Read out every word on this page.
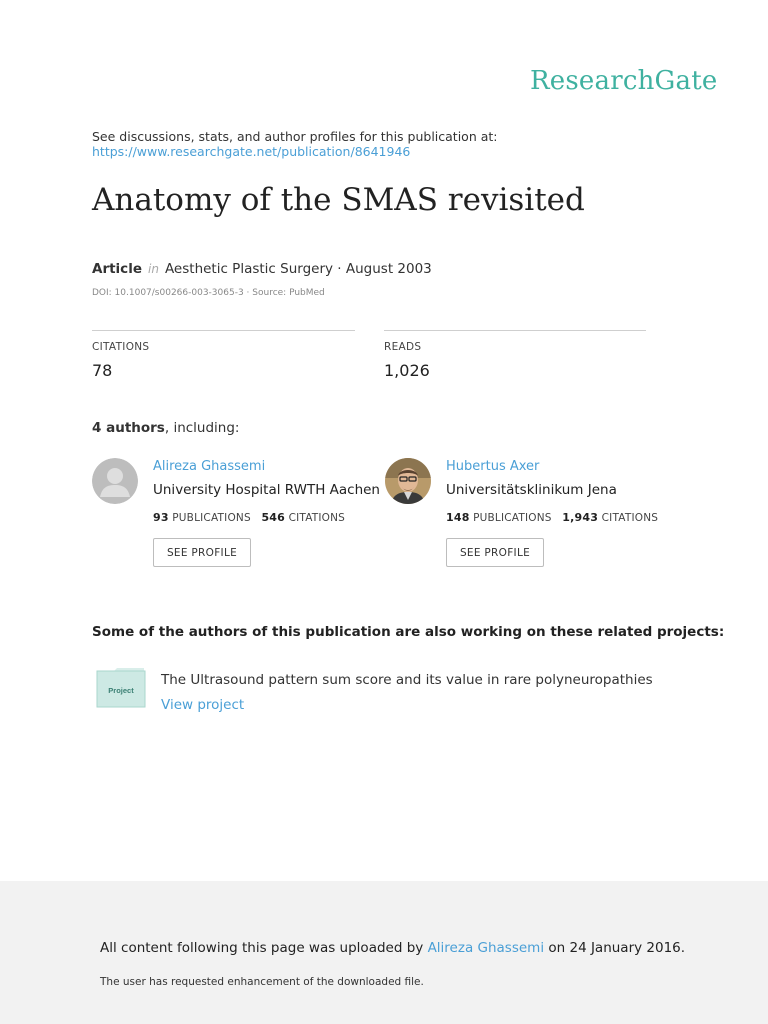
ResearchGate
See discussions, stats, and author profiles for this publication at:
https://www.researchgate.net/publication/8641946
Anatomy of the SMAS revisited
Article in Aesthetic Plastic Surgery · August 2003
DOI: 10.1007/s00266-003-3065-3 · Source: PubMed
CITATIONS
78
READS
1,026
4 authors, including:
Alireza Ghassemi
University Hospital RWTH Aachen
93 PUBLICATIONS 546 CITATIONS
SEE PROFILE
Hubertus Axer
Universitätsklinikum Jena
148 PUBLICATIONS 1,943 CITATIONS
SEE PROFILE
Some of the authors of this publication are also working on these related projects:
Project
The Ultrasound pattern sum score and its value in rare polyneuropathies View project
All content following this page was uploaded by Alireza Ghassemi on 24 January 2016.
The user has requested enhancement of the downloaded file.
